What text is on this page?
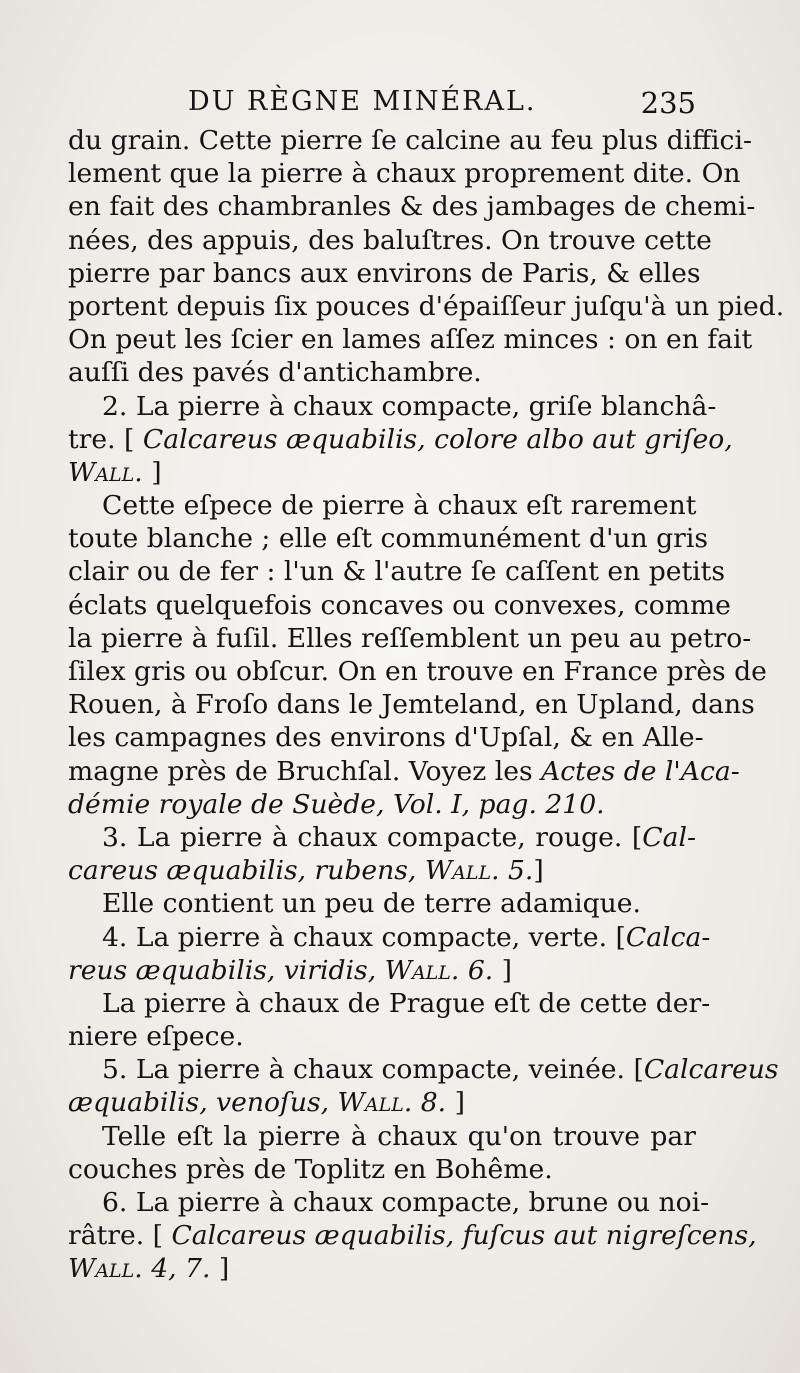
DU RÈGNE MINÉRAL.	235
du grain. Cette pierre ſe calcine au feu plus diffici-
lement que la pierre à chaux proprement dite. On
en fait des chambranles & des jambages de chemi-
nées, des appuis, des baluſtres. On trouve cette
pierre par bancs aux environs de Paris, & elles
portent depuis ſix pouces d'épaiſſeur juſqu'à un pied.
On peut les ſcier en lames aſſez minces : on en fait
auſſi des pavés d'antichambre.
2. La pierre à chaux compacte, griſe blanchâ-
tre. [ Calcareus æquabilis, colore albo aut griſeo,
Wall. ]
Cette eſpece de pierre à chaux eſt rarement
toute blanche ; elle eſt communément d'un gris
clair ou de fer : l'un & l'autre ſe caſſent en petits
éclats quelquefois concaves ou convexes, comme
la pierre à fuſil. Elles reſſemblent un peu au petro-
ſilex gris ou obſcur. On en trouve en France près de
Rouen, à Froſo dans le Jemteland, en Upland, dans
les campagnes des environs d'Upſal, & en Alle-
magne près de Bruchſal. Voyez les Actes de l'Aca-
démie royale de Suède, Vol. I, pag. 210.
3. La pierre à chaux compacte, rouge. [Cal-
careus æquabilis, rubens, Wall. 5.]
Elle contient un peu de terre adamique.
4. La pierre à chaux compacte, verte. [Calca-
reus æquabilis, viridis, Wall. 6. ]
La pierre à chaux de Prague eſt de cette der-
niere eſpece.
5. La pierre à chaux compacte, veinée. [Calcareus
æquabilis, venoſus, Wall. 8. ]
Telle eſt la pierre à chaux qu'on trouve par
couches près de Toplitz en Bohême.
6. La pierre à chaux compacte, brune ou noi-
râtre. [ Calcareus æquabilis, fuſcus aut nigreſcens,
Wall. 4, 7. ]
